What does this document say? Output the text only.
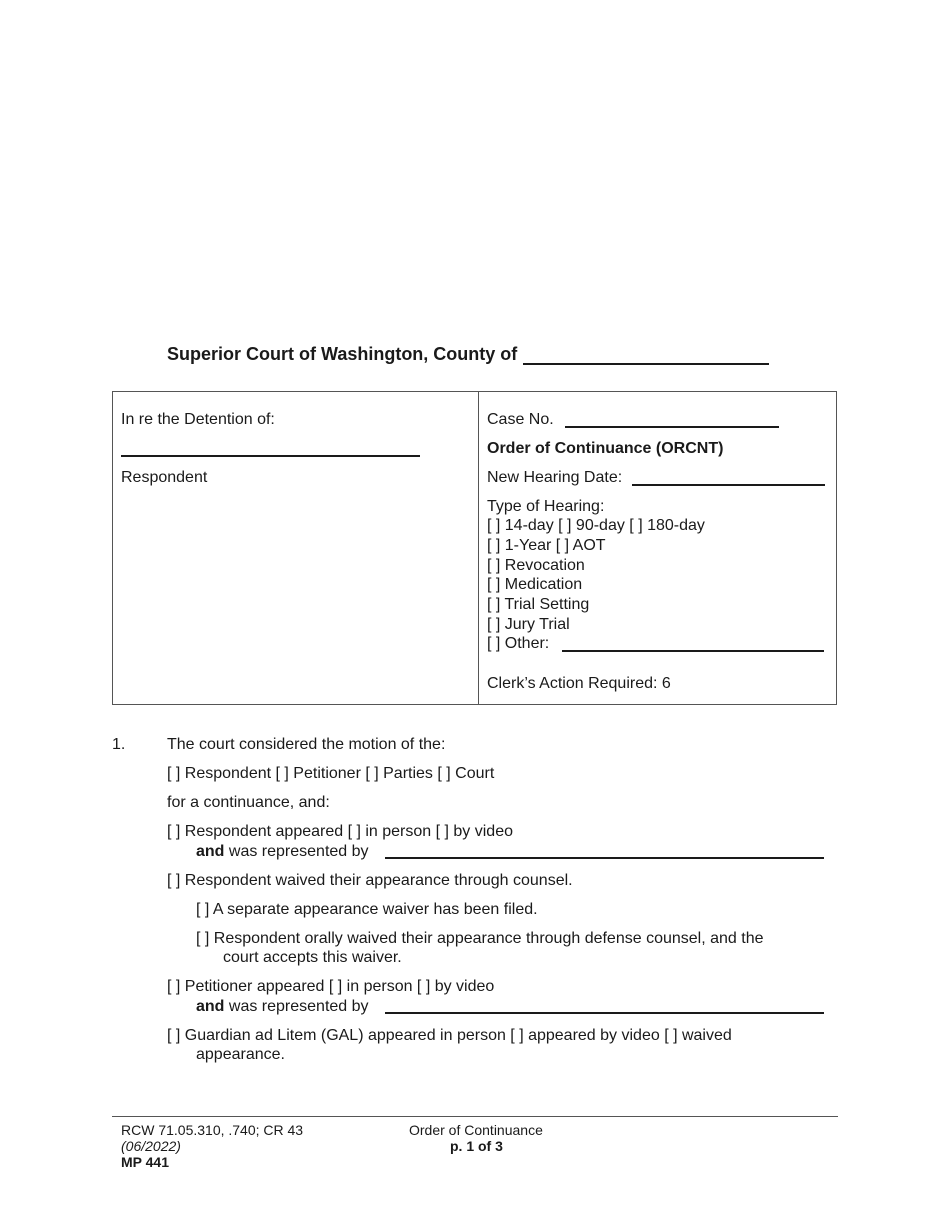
Superior Court of Washington, County of
In re the Detention of:
Respondent
Case No.
Order of Continuance (ORCNT)
New Hearing Date:
Type of Hearing:
[ ] 14-day [ ] 90-day [ ] 180-day
[ ] 1-Year [ ] AOT
[ ] Revocation
[ ] Medication
[ ] Trial Setting
[ ] Jury Trial
[ ] Other:
Clerk’s Action Required: 6
1.	The court considered the motion of the:
[ ] Respondent [ ] Petitioner [ ] Parties [ ] Court
for a continuance, and:
[ ] Respondent appeared [ ] in person [ ] by video
and was represented by
[ ] Respondent waived their appearance through counsel.
[ ] A separate appearance waiver has been filed.
[ ] Respondent orally waived their appearance through defense counsel, and the
court accepts this waiver.
[ ] Petitioner appeared [ ] in person [ ] by video
and was represented by
[ ] Guardian ad Litem (GAL) appeared in person [ ] appeared by video [ ] waived
appearance.
RCW 71.05.310, .740; CR 43
(06/2022)
MP 441
Order of Continuance
p. 1 of 3
